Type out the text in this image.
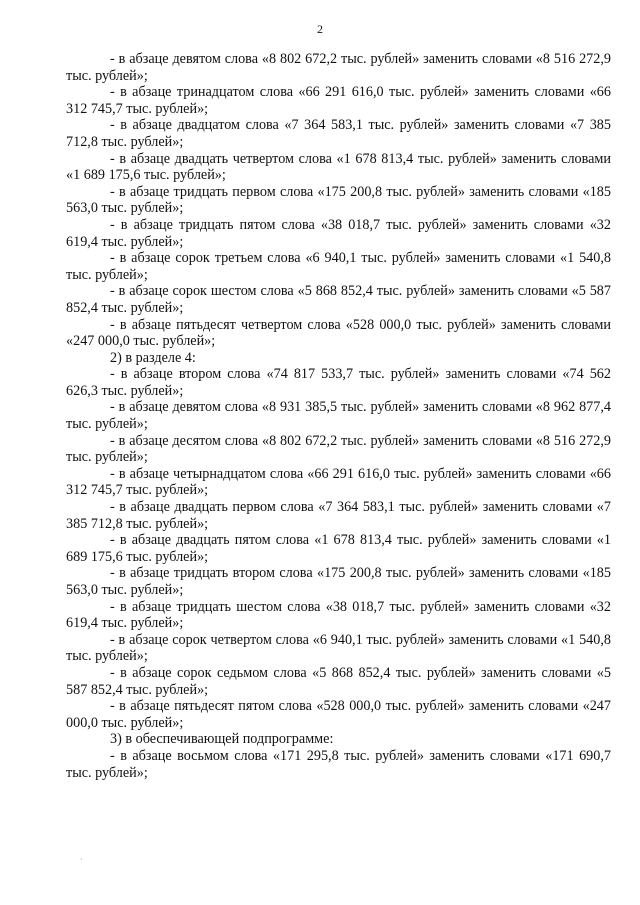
2

- в абзаце девятом слова «8 802 672,2 тыс. рублей» заменить словами «8 516 272,9 тыс. рублей»;

- в абзаце тринадцатом слова «66 291 616,0 тыс. рублей» заменить словами «66 312 745,7 тыс. рублей»;

- в абзаце двадцатом слова «7 364 583,1 тыс. рублей» заменить словами «7 385 712,8 тыс. рублей»;

- в абзаце двадцать четвертом слова «1 678 813,4 тыс. рублей» заменить словами «1 689 175,6 тыс. рублей»;

- в абзаце тридцать первом слова «175 200,8 тыс. рублей» заменить словами «185 563,0 тыс. рублей»;

- в абзаце тридцать пятом слова «38 018,7 тыс. рублей» заменить словами «32 619,4 тыс. рублей»;

- в абзаце сорок третьем слова «6 940,1 тыс. рублей» заменить словами «1 540,8 тыс. рублей»;

- в абзаце сорок шестом слова «5 868 852,4 тыс. рублей» заменить словами «5 587 852,4 тыс. рублей»;

- в абзаце пятьдесят четвертом слова «528 000,0 тыс. рублей» заменить словами «247 000,0 тыс. рублей»;

2) в разделе 4:

- в абзаце втором слова «74 817 533,7 тыс. рублей» заменить словами «74 562 626,3 тыс. рублей»;

- в абзаце девятом слова «8 931 385,5 тыс. рублей» заменить словами «8 962 877,4 тыс. рублей»;

- в абзаце десятом слова «8 802 672,2 тыс. рублей» заменить словами «8 516 272,9 тыс. рублей»;

- в абзаце четырнадцатом слова «66 291 616,0 тыс. рублей» заменить словами «66 312 745,7 тыс. рублей»;

- в абзаце двадцать первом слова «7 364 583,1 тыс. рублей» заменить словами «7 385 712,8 тыс. рублей»;

- в абзаце двадцать пятом слова «1 678 813,4 тыс. рублей» заменить словами «1 689 175,6 тыс. рублей»;

- в абзаце тридцать втором слова «175 200,8 тыс. рублей» заменить словами «185 563,0 тыс. рублей»;

- в абзаце тридцать шестом слова «38 018,7 тыс. рублей» заменить словами «32 619,4 тыс. рублей»;

- в абзаце сорок четвертом слова «6 940,1 тыс. рублей» заменить словами «1 540,8 тыс. рублей»;

- в абзаце сорок седьмом слова «5 868 852,4 тыс. рублей» заменить словами «5 587 852,4 тыс. рублей»;

- в абзаце пятьдесят пятом слова «528 000,0 тыс. рублей» заменить словами «247 000,0 тыс. рублей»;

3) в обеспечивающей подпрограмме:

- в абзаце восьмом слова «171 295,8 тыс. рублей» заменить словами «171 690,7 тыс. рублей»;

·
